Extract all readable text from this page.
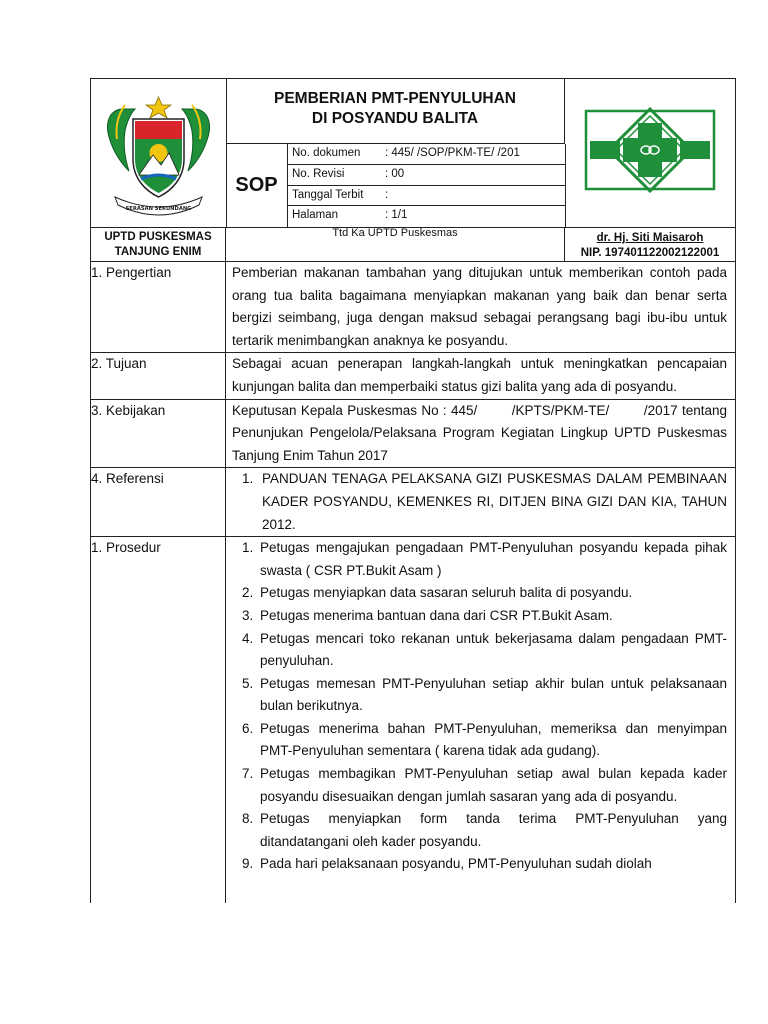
SERASAN SEKUNDANG
PEMBERIAN PMT-PENYULUHAN
DI POSYANDU BALITA
SOP
No. dokumen : 445/ /SOP/PKM-TE/ /201
No. Revisi	: 00
Tanggal Terbit :
Halaman	: 1/1
UPTD PUSKESMAS
TANJUNG ENIM
Ttd Ka UPTD Puskesmas	dr. Hj. Siti Maisaroh
NIP. 197401122002122001
1. Pengertian	Pemberian makanan tambahan yang ditujukan untuk memberikan contoh pada orang tua balita bagaimana menyiapkan makanan yang baik dan benar serta bergizi seimbang, juga dengan maksud sebagai perangsang bagi ibu-ibu untuk tertarik menimbangkan anaknya ke posyandu.
2. Tujuan	Sebagai acuan penerapan langkah-langkah untuk meningkatkan pencapaian kunjungan balita dan memperbaiki status gizi balita yang ada di posyandu.
3. Kebijakan	Keputusan Kepala Puskesmas No : 445/        /KPTS/PKM-TE/        /2017 tentang Penunjukan Pengelola/Pelaksana Program Kegiatan Lingkup UPTD Puskesmas Tanjung Enim Tahun 2017
4. Referensi	1. PANDUAN TENAGA PELAKSANA GIZI PUSKESMAS DALAM PEMBINAAN KADER POSYANDU, KEMENKES RI, DITJEN BINA GIZI DAN KIA, TAHUN 2012.
1. Prosedur	1. Petugas mengajukan pengadaan PMT-Penyuluhan posyandu kepada pihak swasta ( CSR PT.Bukit Asam )
2. Petugas menyiapkan data sasaran seluruh balita di posyandu.
3. Petugas menerima bantuan dana dari CSR PT.Bukit Asam.
4. Petugas mencari toko rekanan untuk bekerjasama dalam pengadaan PMT-penyuluhan.
5. Petugas memesan PMT-Penyuluhan setiap akhir bulan untuk pelaksanaan bulan berikutnya.
6. Petugas menerima bahan PMT-Penyuluhan, memeriksa dan menyimpan PMT-Penyuluhan sementara ( karena tidak ada gudang).
7. Petugas membagikan PMT-Penyuluhan setiap awal bulan kepada kader posyandu disesuaikan dengan jumlah sasaran yang ada di posyandu.
8. Petugas menyiapkan form tanda terima PMT-Penyuluhan yang ditandatangani oleh kader posyandu.
9. Pada hari pelaksanaan posyandu, PMT-Penyuluhan sudah diolah
